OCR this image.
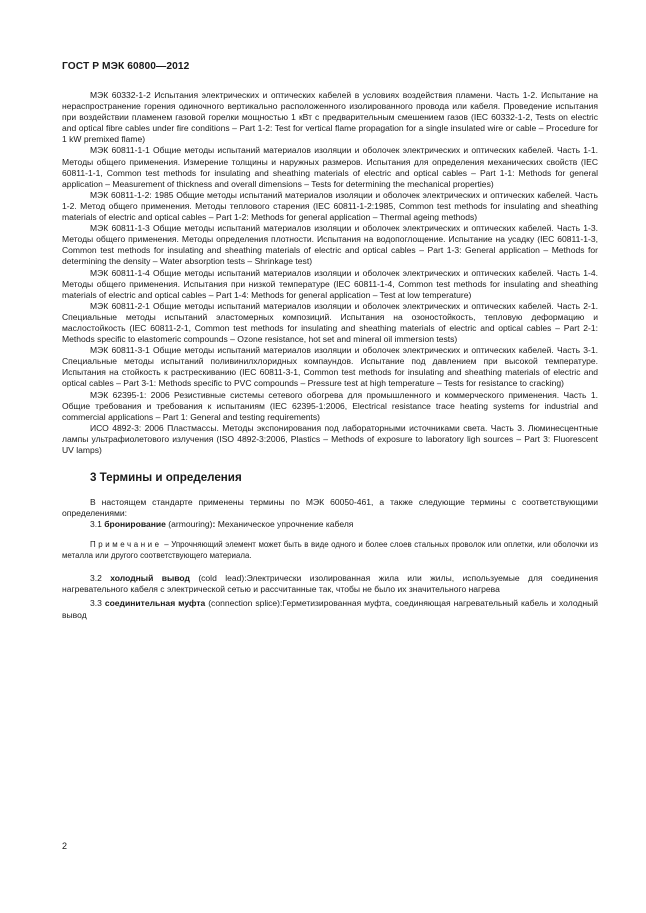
ГОСТ Р МЭК 60800—2012

МЭК 60332-1-2 Испытания электрических и оптических кабелей в условиях воздействия пламени. Часть 1-2. Испытание на нераспространение горения одиночного вертикально расположенного изолированного провода или кабеля. Проведение испытания при воздействии пламенем газовой горелки мощностью 1 кВт с предварительным смешением газов (IEC 60332-1-2, Tests on electric and optical fibre cables under fire conditions – Part 1-2: Test for vertical flame propagation for a single insulated wire or cable – Procedure for 1 kW premixed flame)

МЭК 60811-1-1 Общие методы испытаний материалов изоляции и оболочек электрических и оптических кабелей. Часть 1-1. Методы общего применения. Измерение толщины и наружных размеров. Испытания для определения механических свойств (IEC 60811-1-1, Common test methods for insulating and sheathing materials of electric and optical cables – Part 1-1: Methods for general application – Measurement of thickness and overall dimensions – Tests for determining the mechanical properties)

МЭК 60811-1-2: 1985 Общие методы испытаний материалов изоляции и оболочек электрических и оптических кабелей. Часть 1-2. Метод общего применения. Методы теплового старения (IEC 60811-1-2:1985, Common test methods for insulating and sheathing materials of electric and optical cables – Part 1-2: Methods for general application – Thermal ageing methods)

МЭК 60811-1-3 Общие методы испытаний материалов изоляции и оболочек электрических и оптических кабелей. Часть 1-3. Методы общего применения. Методы определения плотности. Испытания на водопоглощение. Испытание на усадку (IEC 60811-1-3, Common test methods for insulating and sheathing materials of electric and optical cables – Part 1-3: General application – Methods for determining the density – Water absorption tests – Shrinkage test)

МЭК 60811-1-4 Общие методы испытаний материалов изоляции и оболочек электрических и оптических кабелей. Часть 1-4. Методы общего применения. Испытания при низкой температуре (IEC 60811-1-4, Common test methods for insulating and sheathing materials of electric and optical cables – Part 1-4: Methods for general application – Test at low temperature)

МЭК 60811-2-1 Общие методы испытаний материалов изоляции и оболочек электрических и оптических кабелей. Часть 2-1. Специальные методы испытаний эластомерных композиций. Испытания на озоностойкость, тепловую деформацию и маслостойкость (IEC 60811-2-1, Common test methods for insulating and sheathing materials of electric and optical cables – Part 2-1: Methods specific to elastomeric compounds – Ozone resistance, hot set and mineral oil immersion tests)

МЭК 60811-3-1 Общие методы испытаний материалов изоляции и оболочек электрических и оптических кабелей. Часть 3-1. Специальные методы испытаний поливинилхлоридных компаундов. Испытание под давлением при высокой температуре. Испытания на стойкость к растрескиванию (IEC 60811-3-1, Common test methods for insulating and sheathing materials of electric and optical cables – Part 3-1: Methods specific to PVC compounds – Pressure test at high temperature – Tests for resistance to cracking)

МЭК 62395-1: 2006 Резистивные системы сетевого обогрева для промышленного и коммерческого применения. Часть 1. Общие требования и требования к испытаниям (IEC 62395-1:2006, Electrical resistance trace heating systems for industrial and commercial applications – Part 1: General and testing requirements)

ИСО 4892-3: 2006 Пластмассы. Методы экспонирования под лабораторными источниками света. Часть 3. Люминесцентные лампы ультрафиолетового излучения (ISO 4892-3:2006, Plastics – Methods of exposure to laboratory ligh sources – Part 3: Fluorescent UV lamps)

3 Термины и определения

В настоящем стандарте применены термины по МЭК 60050-461, а также следующие термины с соответствующими определениями:

3.1 бронирование (armouring): Механическое упрочнение кабеля

Примечание – Упрочняющий элемент может быть в виде одного и более слоев стальных проволок или оплетки, или оболочки из металла или другого соответствующего материала.

3.2 холодный вывод (cold lead):Электрически изолированная жила или жилы, используемые для соединения нагревательного кабеля с электрической сетью и рассчитанные так, чтобы не было их значительного нагрева

3.3 соединительная муфта (connection splice):Герметизированная муфта, соединяющая нагревательный кабель и холодный вывод

2
